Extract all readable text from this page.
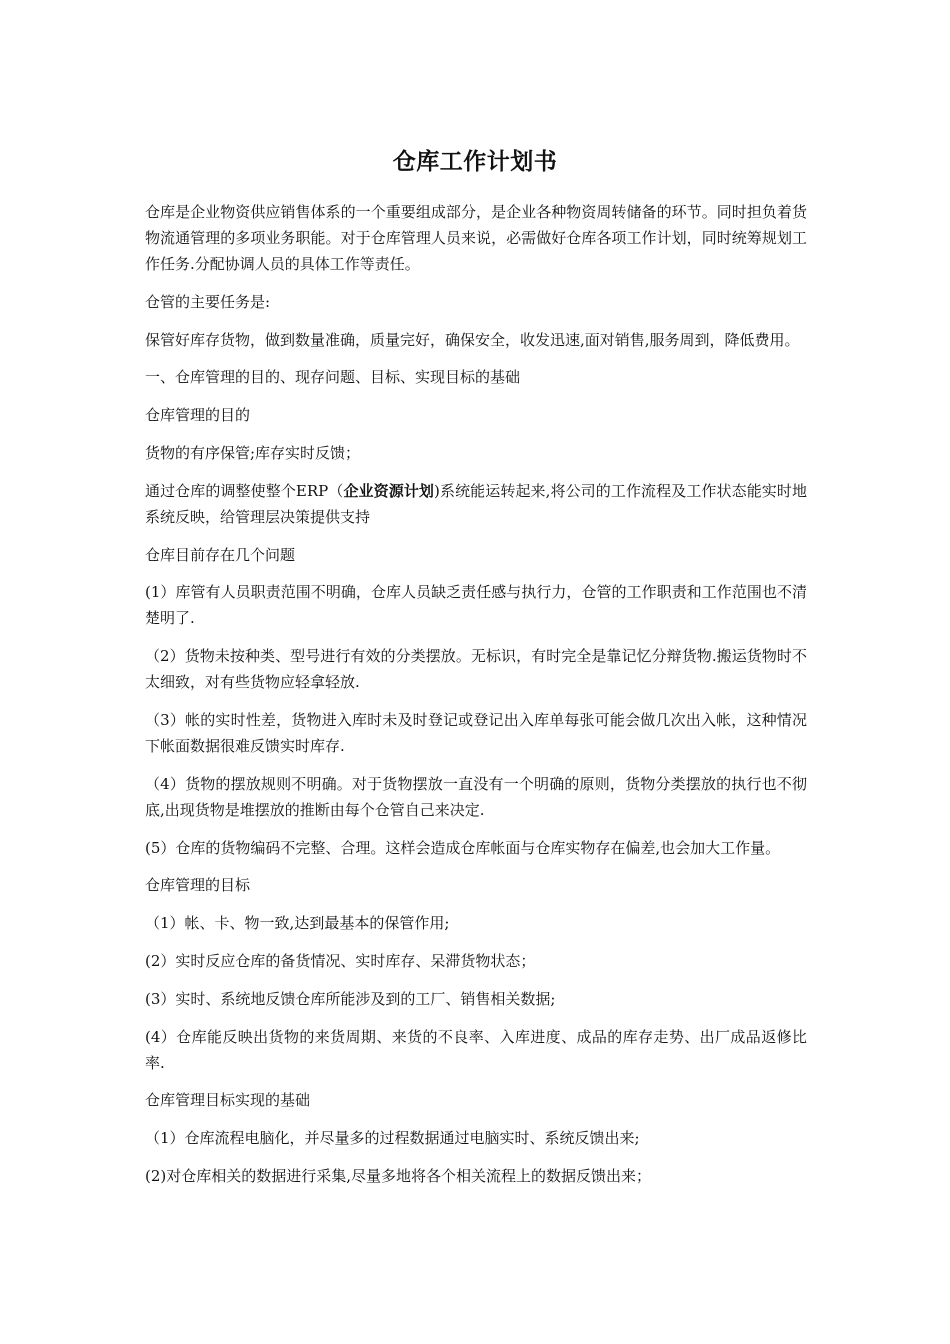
仓库工作计划书

仓库是企业物资供应销售体系的一个重要组成部分，是企业各种物资周转储备的环节。同时担负着货物流通管理的多项业务职能。对于仓库管理人员来说，必需做好仓库各项工作计划，同时统筹规划工作任务.分配协调人员的具体工作等责任。

仓管的主要任务是:

保管好库存货物，做到数量准确，质量完好，确保安全，收发迅速,面对销售,服务周到，降低费用。

一、仓库管理的目的、现存问题、目标、实现目标的基础

仓库管理的目的

货物的有序保管;库存实时反馈；

通过仓库的调整使整个ERP（企业资源计划)系统能运转起来,将公司的工作流程及工作状态能实时地系统反映，给管理层决策提供支持

仓库目前存在几个问题

(1）库管有人员职责范围不明确，仓库人员缺乏责任感与执行力，仓管的工作职责和工作范围也不清楚明了.

（2）货物未按种类、型号进行有效的分类摆放。无标识，有时完全是靠记忆分辩货物.搬运货物时不太细致，对有些货物应轻拿轻放.

（3）帐的实时性差，货物进入库时未及时登记或登记出入库单每张可能会做几次出入帐，这种情况下帐面数据很难反馈实时库存.

（4）货物的摆放规则不明确。对于货物摆放一直没有一个明确的原则，货物分类摆放的执行也不彻底,出现货物是堆摆放的推断由每个仓管自己来决定.

(5）仓库的货物编码不完整、合理。这样会造成仓库帐面与仓库实物存在偏差,也会加大工作量。

仓库管理的目标

（1）帐、卡、物一致,达到最基本的保管作用;

(2）实时反应仓库的备货情况、实时库存、呆滞货物状态；

(3）实时、系统地反馈仓库所能涉及到的工厂、销售相关数据;

(4）仓库能反映出货物的来货周期、来货的不良率、入库进度、成品的库存走势、出厂成品返修比率.

仓库管理目标实现的基础

（1）仓库流程电脑化，并尽量多的过程数据通过电脑实时、系统反馈出来;

(2)对仓库相关的数据进行采集,尽量多地将各个相关流程上的数据反馈出来；
